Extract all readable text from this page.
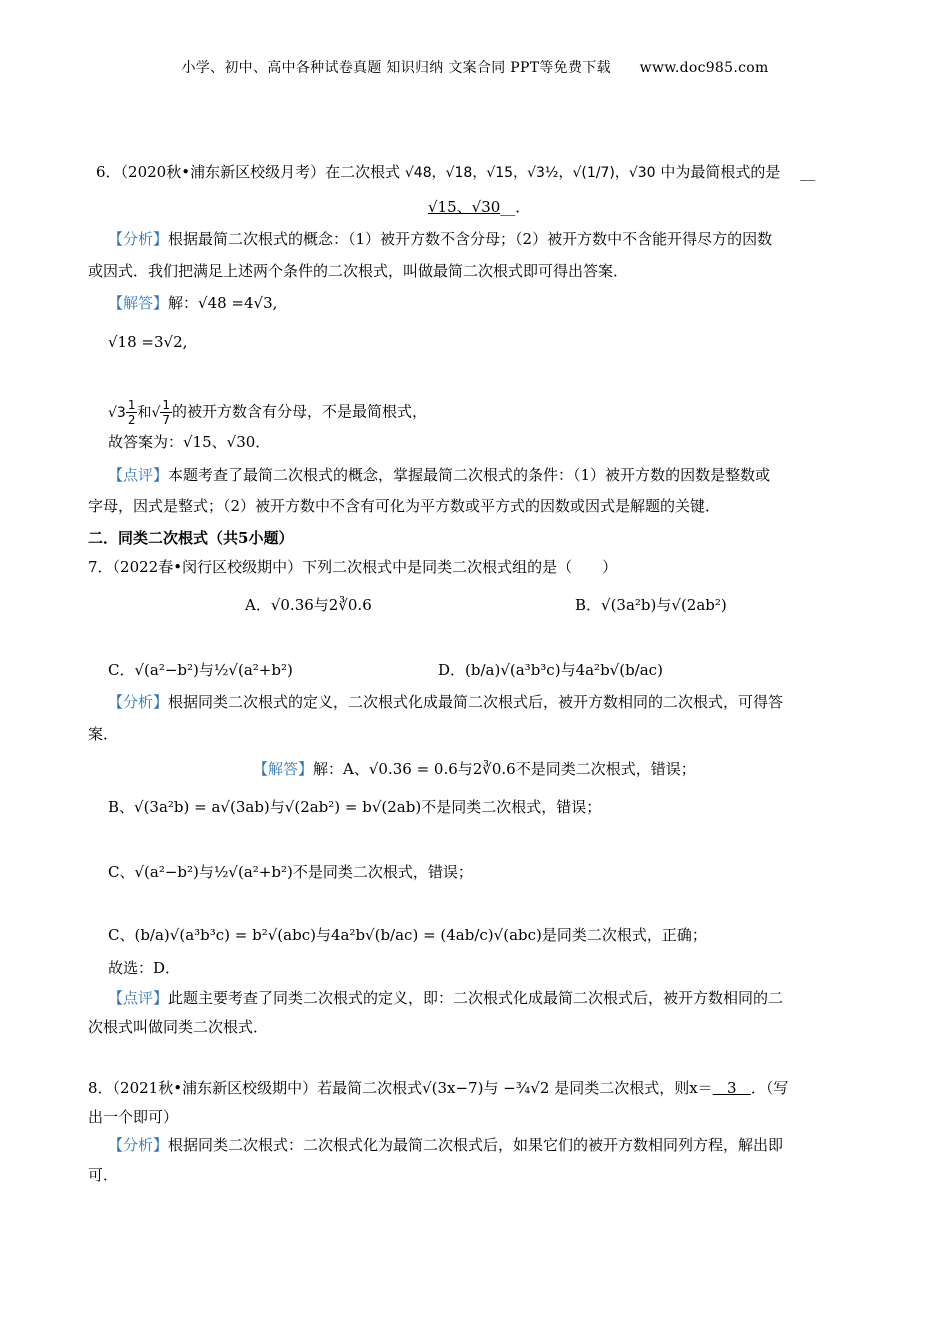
小学、初中、高中各种试卷真题 知识归纳 文案合同 PPT等免费下载 www.doc985.com
6．（2020秋•浦东新区校级月考）在二次根式 √48，√18，√15，√3½，√(1/7)，√30 中为最简根式的是 　__
√15、√30__．
【分析】根据最简二次根式的概念：（1）被开方数不含分母；（2）被开方数中不含能开得尽方的因数
或因式．我们把满足上述两个条件的二次根式，叫做最简二次根式即可得出答案．
【解答】解：√48 =4√3,
√18 =3√2,
$√3 \frac{1}{2}$ 和√ $\frac{1}{7}$ 的被开方数含有分母，不是最简根式，
故答案为：√15、√30．
【点评】本题考查了最简二次根式的概念，掌握最简二次根式的条件：（1）被开方数的因数是整数或
字母，因式是整式；（2）被开方数中不含有可化为平方数或平方式的因数或因式是解题的关键．
二．同类二次根式（共5小题）
7．（2022春•闵行区校级期中）下列二次根式中是同类二次根式组的是（　　）
A．√0.36与2∛0.6	B．√(3a²b)与√(2ab²)
C．√(a²−b²)与½√(a²+b²)	D．(b/a)√(a³b³c)与4a²b√(b/ac)
【分析】根据同类二次根式的定义，二次根式化成最简二次根式后，被开方数相同的二次根式，可得答
案．
【解答】解：A、√0.36 = 0.6与2∛0.6不是同类二次根式，错误；
B、√(3a²b) = a√(3ab)与√(2ab²) = b√(2ab)不是同类二次根式，错误；
C、√(a²−b²)与½√(a²+b²)不是同类二次根式，错误；
C、(b/a)√(a³b³c) = b²√(abc)与4a²b√(b/ac) = (4ab/c)√(abc)是同类二次根式，正确；
故选：D．
【点评】此题主要考查了同类二次根式的定义，即：二次根式化成最简二次根式后，被开方数相同的二
次根式叫做同类二次根式．
8．（2021秋•浦东新区校级期中）若最简二次根式√(3x−7)与 −¾√2 是同类二次根式，则x＝ 3 ．（写
出一个即可）
【分析】根据同类二次根式：二次根式化为最简二次根式后，如果它们的被开方数相同列方程，解出即
可．
